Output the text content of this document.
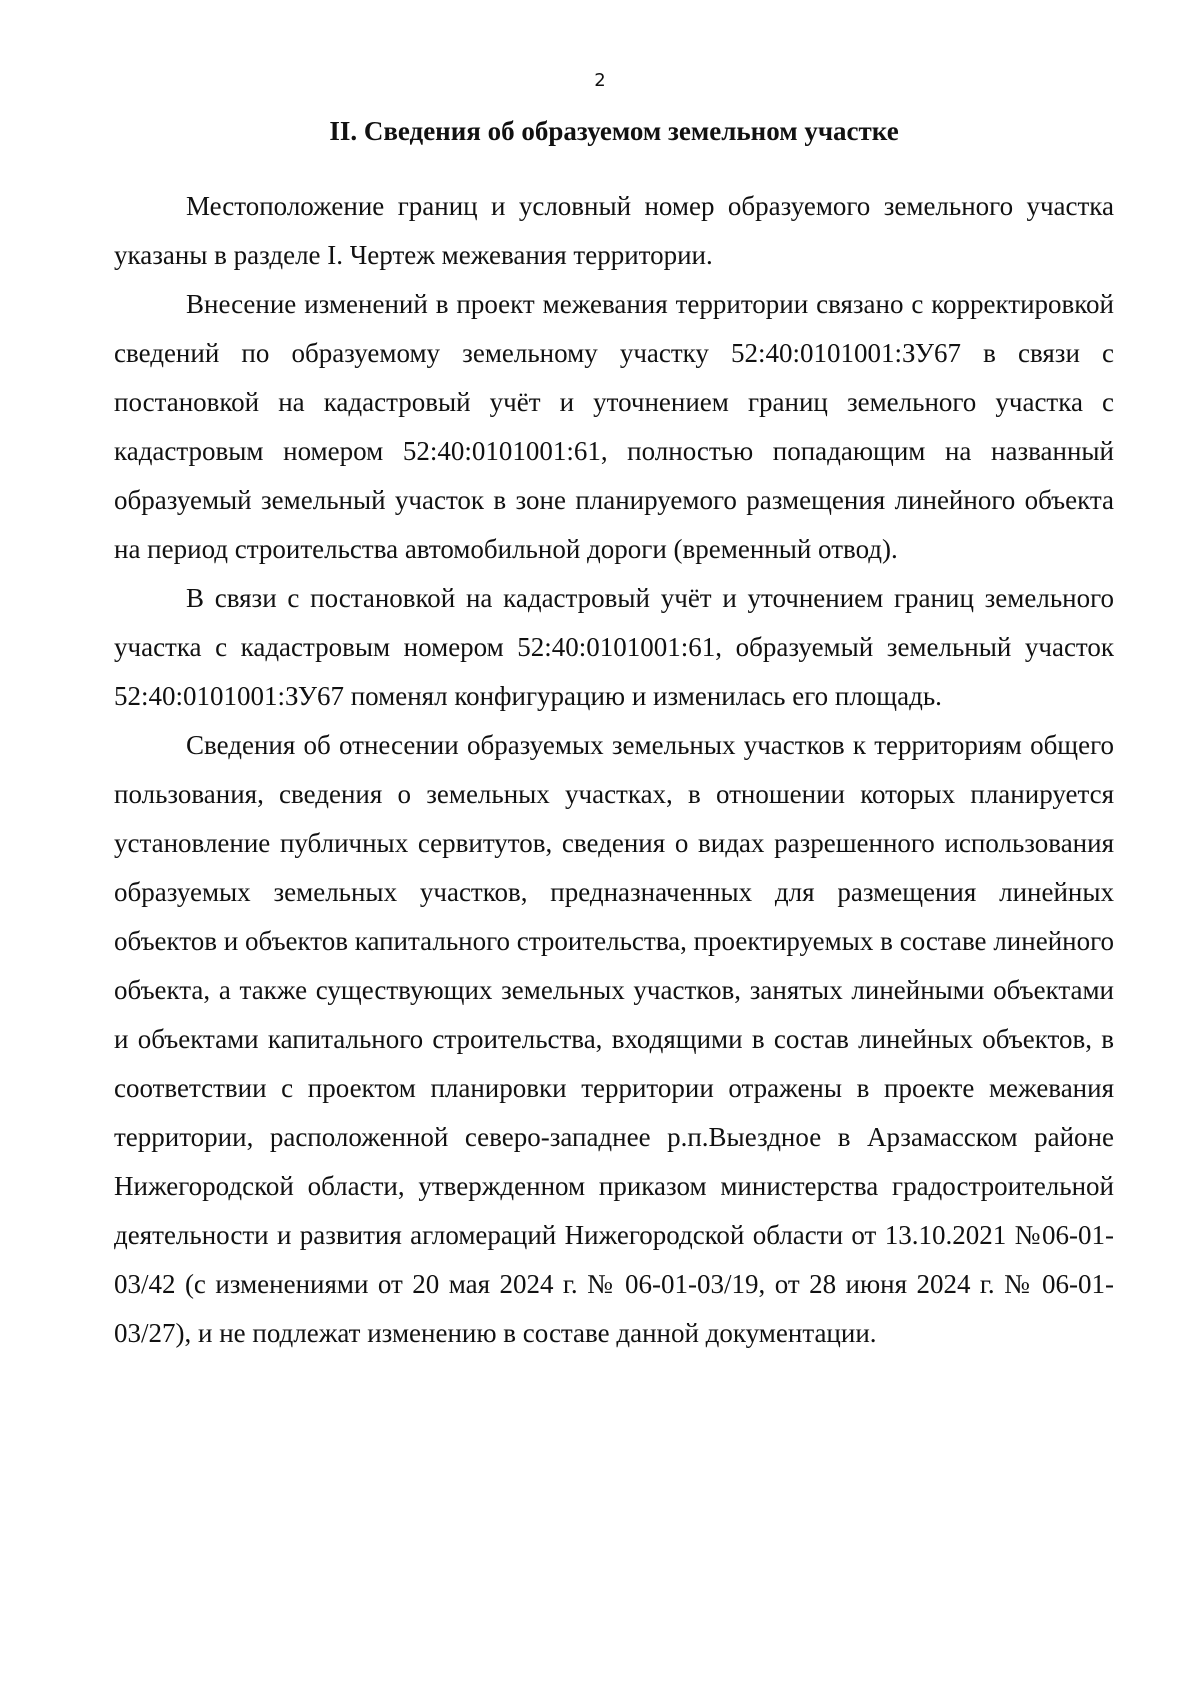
2
II. Сведения об образуемом земельном участке

Местоположение границ и условный номер образуемого земельного участка указаны в разделе I. Чертеж межевания территории.

Внесение изменений в проект межевания территории связано с корректировкой сведений по образуемому земельному участку 52:40:0101001:ЗУ67 в связи с постановкой на кадастровый учёт и уточнением границ земельного участка с кадастровым номером 52:40:0101001:61, полностью попадающим на названный образуемый земельный участок в зоне планируемого размещения линейного объекта на период строительства автомобильной дороги (временный отвод).

В связи с постановкой на кадастровый учёт и уточнением границ земельного участка с кадастровым номером 52:40:0101001:61, образуемый земельный участок 52:40:0101001:ЗУ67 поменял конфигурацию и изменилась его площадь.

Сведения об отнесении образуемых земельных участков к территориям общего пользования, сведения о земельных участках, в отношении которых планируется установление публичных сервитутов, сведения о видах разрешенного использования образуемых земельных участков, предназначенных для размещения линейных объектов и объектов капитального строительства, проектируемых в составе линейного объекта, а также существующих земельных участков, занятых линейными объектами и объектами капитального строительства, входящими в состав линейных объектов, в соответствии с проектом планировки территории отражены в проекте межевания территории, расположенной северо-западнее р.п.Выездное в Арзамасском районе Нижегородской области, утвержденном приказом министерства градостроительной деятельности и развития агломераций Нижегородской области от 13.10.2021 №06-01-03/42 (с изменениями от 20 мая 2024 г. № 06-01-03/19, от 28 июня 2024 г. № 06-01-03/27), и не подлежат изменению в составе данной документации.
